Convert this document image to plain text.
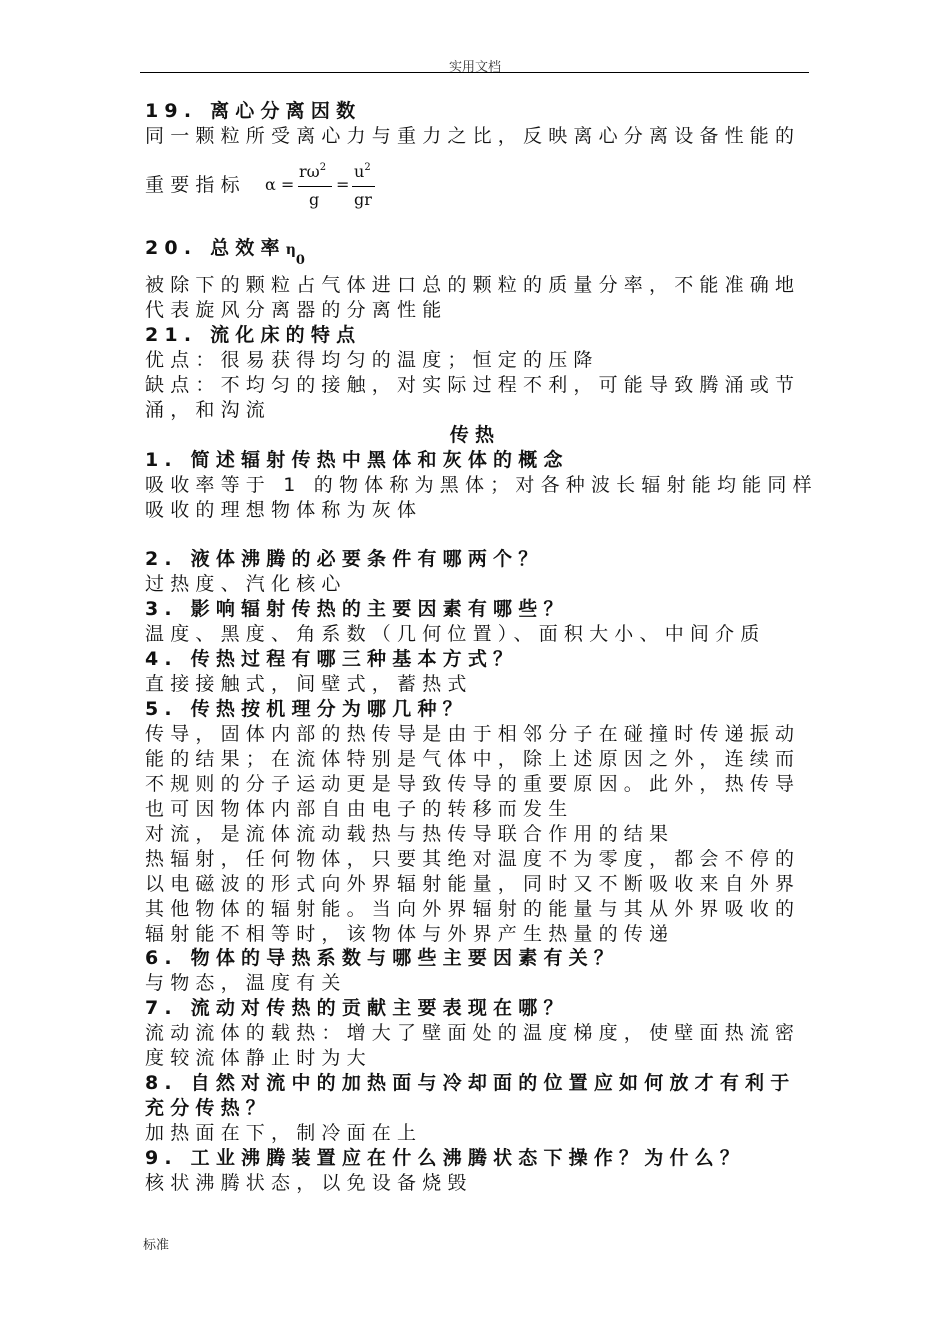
实用文档
19. 离心分离因数
同一颗粒所受离心力与重力之比，反映离心分离设备性能的
重要指标	α =
$r\omega^2$
g
=
$u^2$
gr
20. 总效率$\eta_0$
被除下的颗粒占气体进口总的颗粒的质量分率，不能准确地
代表旋风分离器的分离性能
21. 流化床的特点
优点：很易获得均匀的温度；恒定的压降
缺点：不均匀的接触，对实际过程不利，可能导致腾涌或节
涌，和沟流
传热
1. 简述辐射传热中黑体和灰体的概念
吸收率等于 1 的物体称为黑体；对各种波长辐射能均能同样
吸收的理想物体称为灰体
2. 液体沸腾的必要条件有哪两个？
过热度、汽化核心
3. 影响辐射传热的主要因素有哪些？
温度、黑度、角系数（几何位置）、面积大小、中间介质
4. 传热过程有哪三种基本方式？
直接接触式，间壁式，蓄热式
5. 传热按机理分为哪几种？
传导，固体内部的热传导是由于相邻分子在碰撞时传递振动
能的结果；在流体特别是气体中，除上述原因之外，连续而
不规则的分子运动更是导致传导的重要原因。此外，热传导
也可因物体内部自由电子的转移而发生
对流，是流体流动载热与热传导联合作用的结果
热辐射，任何物体，只要其绝对温度不为零度，都会不停的
以电磁波的形式向外界辐射能量，同时又不断吸收来自外界
其他物体的辐射能。当向外界辐射的能量与其从外界吸收的
辐射能不相等时，该物体与外界产生热量的传递
6. 物体的导热系数与哪些主要因素有关？
与物态，温度有关
7. 流动对传热的贡献主要表现在哪？
流动流体的载热：增大了壁面处的温度梯度，使壁面热流密
度较流体静止时为大
8. 自然对流中的加热面与冷却面的位置应如何放才有利于
充分传热？
加热面在下，制冷面在上
9. 工业沸腾装置应在什么沸腾状态下操作？为什么？
核状沸腾状态，以免设备烧毁
标准
